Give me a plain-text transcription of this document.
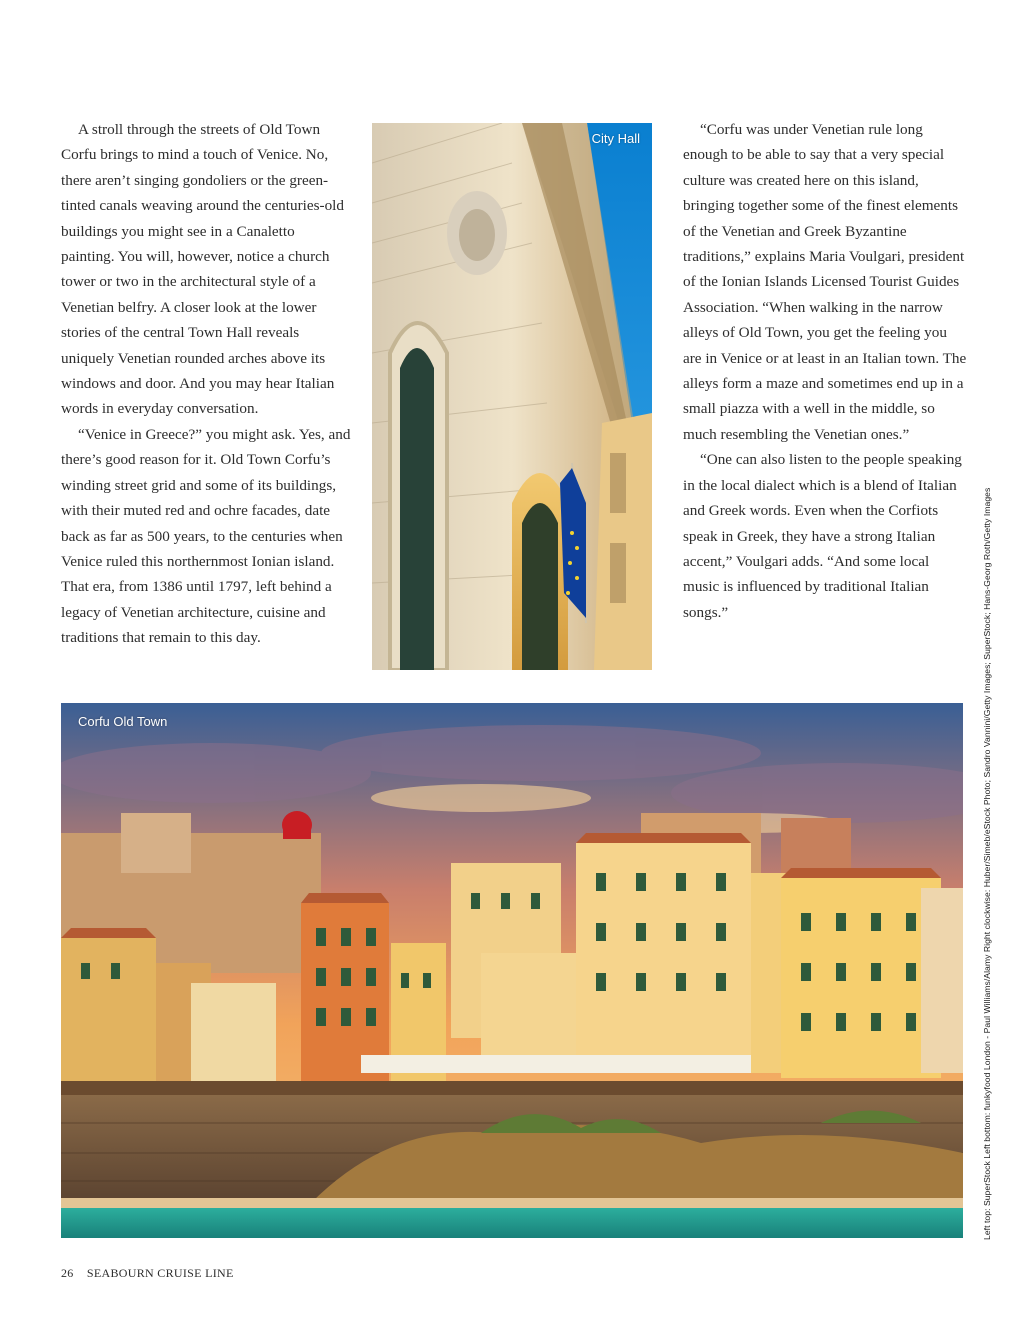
A stroll through the streets of Old Town Corfu brings to mind a touch of Venice. No, there aren’t singing gondoliers or the green-tinted canals weaving around the centuries-old buildings you might see in a Canaletto painting. You will, however, notice a church tower or two in the architectural style of a Venetian belfry. A closer look at the lower stories of the central Town Hall reveals uniquely Venetian rounded arches above its windows and door. And you may hear Italian words in everyday conversation.

“Venice in Greece?” you might ask. Yes, and there’s good reason for it. Old Town Corfu’s winding street grid and some of its buildings, with their muted red and ochre facades, date back as far as 500 years, to the centuries when Venice ruled this northernmost Ionian island. That era, from 1386 until 1797, left behind a legacy of Venetian architecture, cuisine and traditions that remain to this day.

City Hall

“Corfu was under Venetian rule long enough to be able to say that a very special culture was created here on this island, bringing together some of the finest elements of the Venetian and Greek Byzantine traditions,” explains Maria Voulgari, president of the Ionian Islands Licensed Tourist Guides Association. “When walking in the narrow alleys of Old Town, you get the feeling you are in Venice or at least in an Italian town. The alleys form a maze and sometimes end up in a small piazza with a well in the middle, so much resembling the Venetian ones.”

“One can also listen to the people speaking in the local dialect which is a blend of Italian and Greek words. Even when the Corfiots speak in Greek, they have a strong Italian accent,” Voulgari adds. “And some local music is influenced by traditional Italian songs.”

Corfu Old Town	Left top: SuperStock Left bottom: funkyfood London - Paul Williams/Alamy Right clockwise: Huber/Simeb/eStock Photo; Sandro Vannini/Getty Images; SuperStock; Hans-Georg Roth/Getty Images
26 SEABOURN CRUISE LINE
